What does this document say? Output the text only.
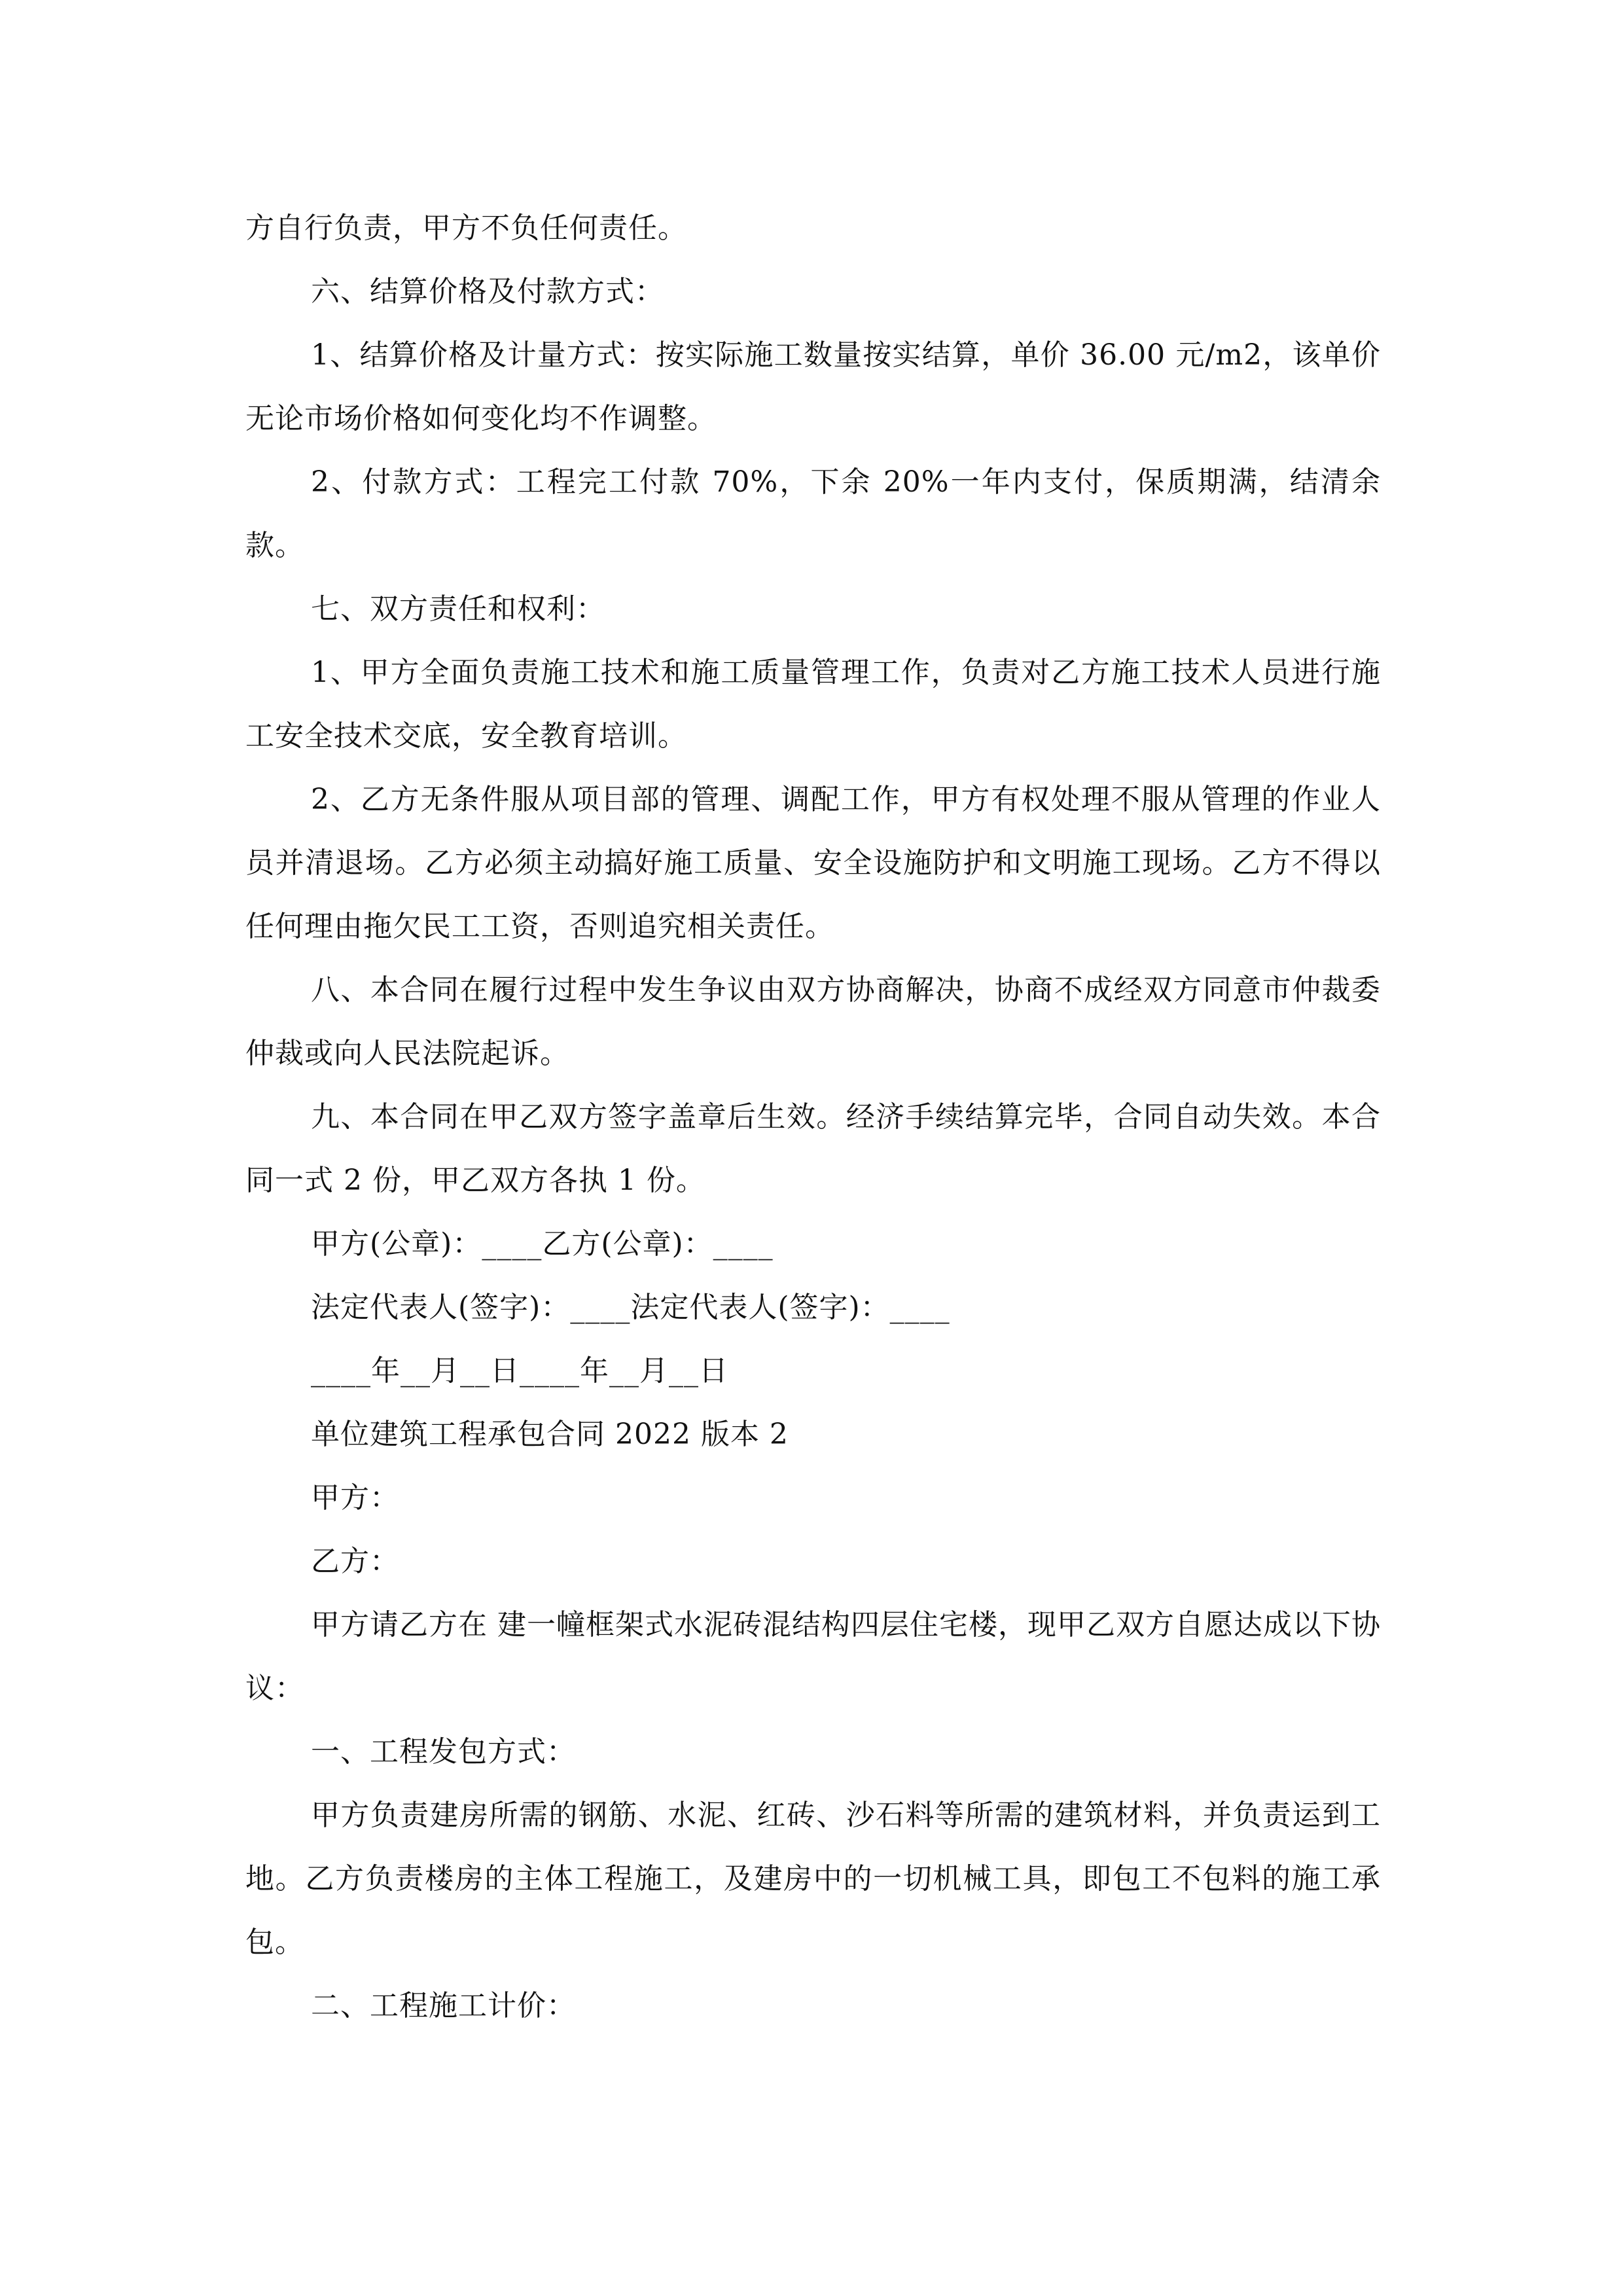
方自行负责，甲方不负任何责任。

六、结算价格及付款方式：

1、结算价格及计量方式：按实际施工数量按实结算，单价 36.00 元/m2，该单价无论市场价格如何变化均不作调整。

2、付款方式：工程完工付款 70%，下余 20%一年内支付，保质期满，结清余款。

七、双方责任和权利：

1、甲方全面负责施工技术和施工质量管理工作，负责对乙方施工技术人员进行施工安全技术交底，安全教育培训。

2、乙方无条件服从项目部的管理、调配工作，甲方有权处理不服从管理的作业人员并清退场。乙方必须主动搞好施工质量、安全设施防护和文明施工现场。乙方不得以任何理由拖欠民工工资，否则追究相关责任。

八、本合同在履行过程中发生争议由双方协商解决，协商不成经双方同意市仲裁委仲裁或向人民法院起诉。

九、本合同在甲乙双方签字盖章后生效。经济手续结算完毕，合同自动失效。本合同一式 2 份，甲乙双方各执 1 份。

甲方(公章)：____乙方(公章)：____

法定代表人(签字)：____法定代表人(签字)：____

____年__月__日____年__月__日

单位建筑工程承包合同 2022 版本 2

甲方：

乙方：

甲方请乙方在 建一幢框架式水泥砖混结构四层住宅楼，现甲乙双方自愿达成以下协议：

一、工程发包方式：

甲方负责建房所需的钢筋、水泥、红砖、沙石料等所需的建筑材料，并负责运到工地。乙方负责楼房的主体工程施工，及建房中的一切机械工具，即包工不包料的施工承包。

二、工程施工计价：
